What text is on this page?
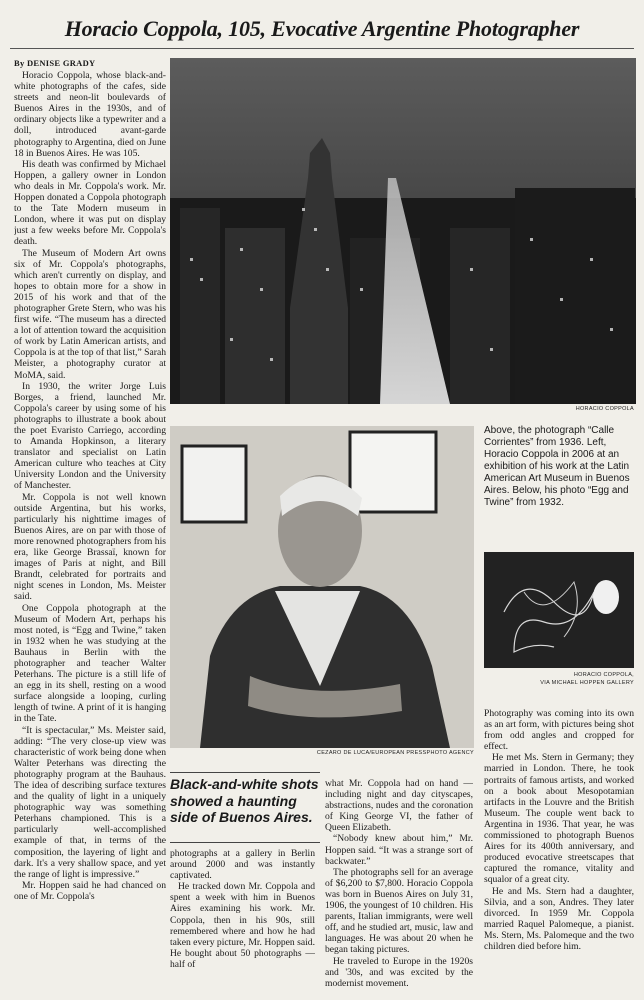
Horacio Coppola, 105, Evocative Argentine Photographer
By DENISE GRADY

Horacio Coppola, whose black-and-white photographs of the cafes, side streets and neon-lit boulevards of Buenos Aires in the 1930s, and of ordinary objects like a typewriter and a doll, introduced avant-garde photography to Argentina, died on June 18 in Buenos Aires. He was 105.

His death was confirmed by Michael Hoppen, a gallery owner in London who deals in Mr. Coppola's work. Mr. Hoppen donated a Coppola photograph to the Tate Modern museum in London, where it was put on display just a few weeks before Mr. Coppola's death.

The Museum of Modern Art owns six of Mr. Coppola's photographs, which aren't currently on display, and hopes to obtain more for a show in 2015 of his work and that of the photographer Grete Stern, who was his first wife. “The museum has a directed a lot of attention toward the acquisition of work by Latin American artists, and Coppola is at the top of that list,” Sarah Meister, a photography curator at MoMA, said.

In 1930, the writer Jorge Luis Borges, a friend, launched Mr. Coppola's career by using some of his photographs to illustrate a book about the poet Evaristo Carriego, according to Amanda Hopkinson, a literary translator and specialist on Latin American culture who teaches at City University London and the University of Manchester.

Mr. Coppola is not well known outside Argentina, but his works, particularly his nighttime images of Buenos Aires, are on par with those of more renowned photographers from his era, like George Brassaï, known for images of Paris at night, and Bill Brandt, celebrated for portraits and night scenes in London, Ms. Meister said.

One Coppola photograph at the Museum of Modern Art, perhaps his most noted, is “Egg and Twine,” taken in 1932 when he was studying at the Bauhaus in Berlin with the photographer and teacher Walter Peterhans. The picture is a still life of an egg in its shell, resting on a wood surface alongside a looping, curling length of twine. A print of it is hanging in the Tate.

“It is spectacular,” Ms. Meister said, adding: “The very close-up view was characteristic of work being done when Walter Peterhans was directing the photography program at the Bauhaus. The idea of describing surface textures and the quality of light in a uniquely photographic way was something Peterhans championed. This is a particularly well-accomplished example of that, in terms of the composition, the layering of light and dark. It's a very shallow space, and yet the range of light is impressive.”

Mr. Hoppen said he had chanced on one of Mr. Coppola's

HORACIO COPPOLA
CEZARO DE LUCA/EUROPEAN PRESSPHOTO AGENCY

Above, the photograph “Calle Corrientes” from 1936. Left, Horacio Coppola in 2006 at an exhibition of his work at the Latin American Art Museum in Buenos Aires. Below, his photo “Egg and Twine” from 1932.

HORACIO COPPOLA,
VIA MICHAEL HOPPEN GALLERY
Black-and-white shots showed a haunting side of Buenos Aires.

photographs at a gallery in Berlin around 2000 and was instantly captivated.

He tracked down Mr. Coppola and spent a week with him in Buenos Aires examining his work. Mr. Coppola, then in his 90s, still remembered where and how he had taken every picture, Mr. Hoppen said. He bought about 50 photographs — half of

what Mr. Coppola had on hand — including night and day cityscapes, abstractions, nudes and the coronation of King George VI, the father of Queen Elizabeth.

“Nobody knew about him,” Mr. Hoppen said. “It was a strange sort of backwater.”

The photographs sell for an average of $6,200 to $7,800. Horacio Coppola was born in Buenos Aires on July 31, 1906, the youngest of 10 children. His parents, Italian immigrants, were well off, and he studied art, music, law and languages. He was about 20 when he began taking pictures.

He traveled to Europe in the 1920s and '30s, and was excited by the modernist movement.

Photography was coming into its own as an art form, with pictures being shot from odd angles and cropped for effect.

He met Ms. Stern in Germany; they married in London. There, he took portraits of famous artists, and worked on a book about Mesopotamian artifacts in the Louvre and the British Museum. The couple went back to Argentina in 1936. That year, he was commissioned to photograph Buenos Aires for its 400th anniversary, and produced evocative streetscapes that captured the romance, vitality and squalor of a great city.

He and Ms. Stern had a daughter, Silvia, and a son, Andres. They later divorced. In 1959 Mr. Coppola married Raquel Palomeque, a pianist. Ms. Stern, Ms. Palomeque and the two children died before him.
